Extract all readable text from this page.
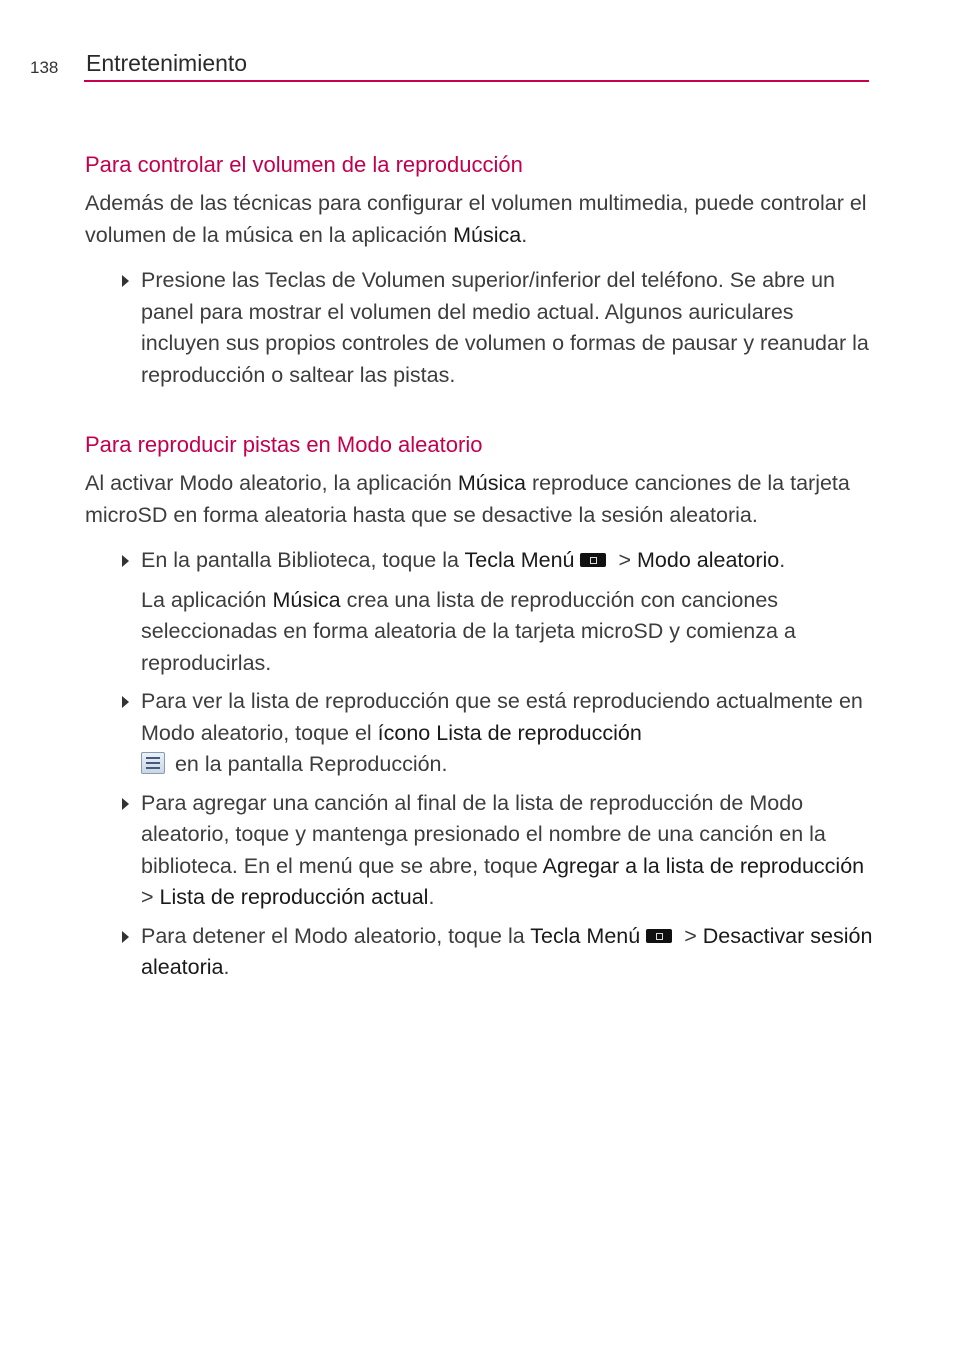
138 Entretenimiento
Para controlar el volumen de la reproducción

Además de las técnicas para configurar el volumen multimedia, puede controlar el volumen de la música en la aplicación Música.

Presione las Teclas de Volumen superior/inferior del teléfono. Se abre un panel para mostrar el volumen del medio actual. Algunos auriculares incluyen sus propios controles de volumen o formas de pausar y reanudar la reproducción o saltear las pistas.
Para reproducir pistas en Modo aleatorio

Al activar Modo aleatorio, la aplicación Música reproduce canciones de la tarjeta microSD en forma aleatoria hasta que se desactive la sesión aleatoria.

En la pantalla Biblioteca, toque la Tecla Menú > Modo aleatorio.
La aplicación Música crea una lista de reproducción con canciones seleccionadas en forma aleatoria de la tarjeta microSD y comienza a reproducirlas.
Para ver la lista de reproducción que se está reproduciendo actualmente en Modo aleatorio, toque el ícono Lista de reproducción

en la pantalla Reproducción.
Para agregar una canción al final de la lista de reproducción de Modo aleatorio, toque y mantenga presionado el nombre de una canción en la biblioteca. En el menú que se abre, toque Agregar a la lista de reproducción > Lista de reproducción actual.
Para detener el Modo aleatorio, toque la Tecla Menú > Desactivar sesión aleatoria.
